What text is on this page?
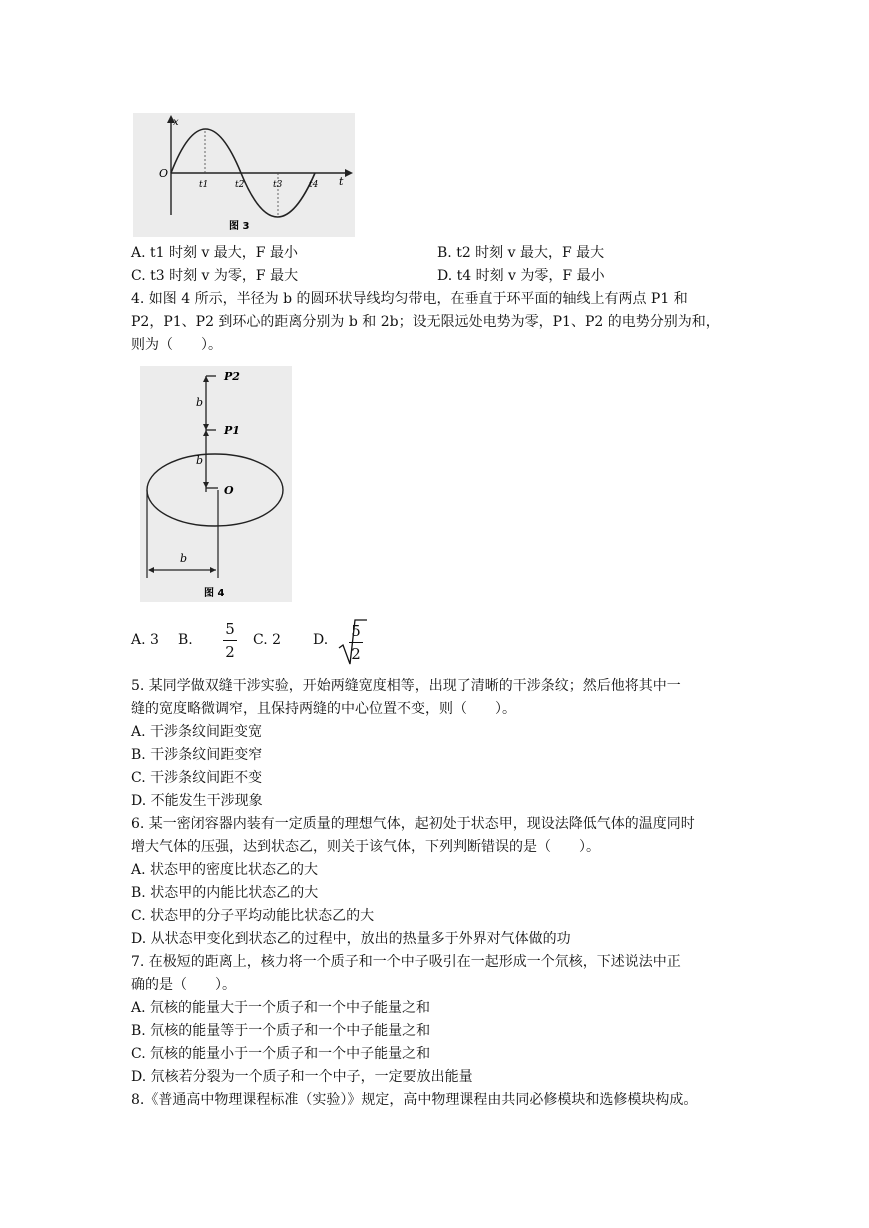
x
t
O
t1	t2	t3	t4
图 3
A. t1 时刻 v 最大，F 最小	B. t2 时刻 v 最大，F 最大
C. t3 时刻 v 为零，F 最大	D. t4 时刻 v 为零，F 最小
4. 如图 4 所示，半径为 b 的圆环状导线均匀带电，在垂直于环平面的轴线上有两点 P1 和
P2，P1、P2 到环心的距离分别为 b 和 2b；设无限远处电势为零，P1、P2 的电势分别为和，
则为（　　）。
P2
P1
b
b
O
b
图 4
A. 3 B.
5
2
C. 2 D. 5
2
5. 某同学做双缝干涉实验，开始两缝宽度相等，出现了清晰的干涉条纹；然后他将其中一
缝的宽度略微调窄，且保持两缝的中心位置不变，则（　　）。
A. 干涉条纹间距变宽
B. 干涉条纹间距变窄
C. 干涉条纹间距不变
D. 不能发生干涉现象
6. 某一密闭容器内装有一定质量的理想气体，起初处于状态甲，现设法降低气体的温度同时
增大气体的压强，达到状态乙，则关于该气体，下列判断错误的是（　　）。
A. 状态甲的密度比状态乙的大
B. 状态甲的内能比状态乙的大
C. 状态甲的分子平均动能比状态乙的大
D. 从状态甲变化到状态乙的过程中，放出的热量多于外界对气体做的功
7. 在极短的距离上，核力将一个质子和一个中子吸引在一起形成一个氘核，下述说法中正
确的是（　　）。
A. 氘核的能量大于一个质子和一个中子能量之和
B. 氘核的能量等于一个质子和一个中子能量之和
C. 氘核的能量小于一个质子和一个中子能量之和
D. 氘核若分裂为一个质子和一个中子，一定要放出能量
8.《普通高中物理课程标准（实验）》规定，高中物理课程由共同必修模块和选修模块构成。
